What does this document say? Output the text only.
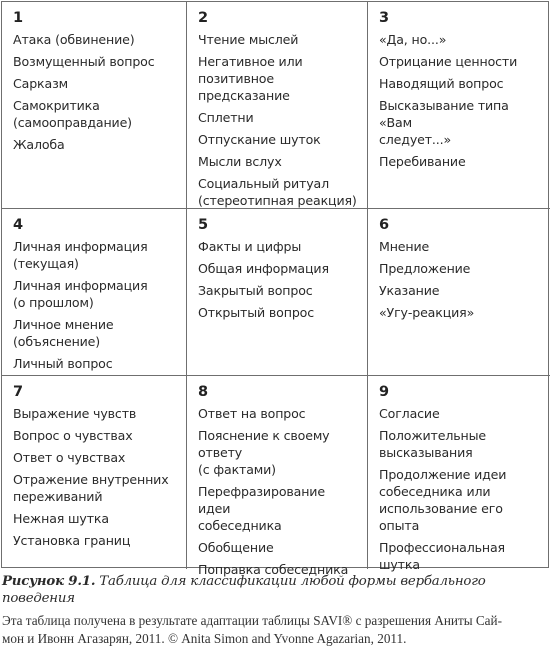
1
Атака (обвинение)
Возмущенный вопрос
Сарказм
Самокритика
(самооправдание)
Жалоба
2
Чтение мыслей
Негативное или позитивное
предсказание
Сплетни
Отпускание шуток
Мысли вслух
Социальный ритуал
(стереотипная реакция)
3
«Да, но...»
Отрицание ценности
Наводящий вопрос
Высказывание типа «Вам
следует...»
Перебивание
4
Личная информация
(текущая)
Личная информация
(о прошлом)
Личное мнение (объяснение)
Личный вопрос
5
Факты и цифры
Общая информация
Закрытый вопрос
Открытый вопрос
6
Мнение
Предложение
Указание
«Угу-реакция»
7
Выражение чувств
Вопрос о чувствах
Ответ о чувствах
Отражение внутренних
переживаний
Нежная шутка
Установка границ
8
Ответ на вопрос
Пояснение к своему ответу
(с фактами)
Перефразирование идеи
собеседника
Обобщение
Поправка собеседника
9
Согласие
Положительные
высказывания
Продолжение идеи
собеседника или
использование его опыта
Профессиональная шутка
Рисунок 9.1. Таблица для классификации любой формы вербального поведения
Эта таблица получена в результате адаптации таблицы SAVI® с разрешения Аниты Сай-
мон и Ивонн Агазарян, 2011. © Anita Simon and Yvonne Agazarian, 2011.
